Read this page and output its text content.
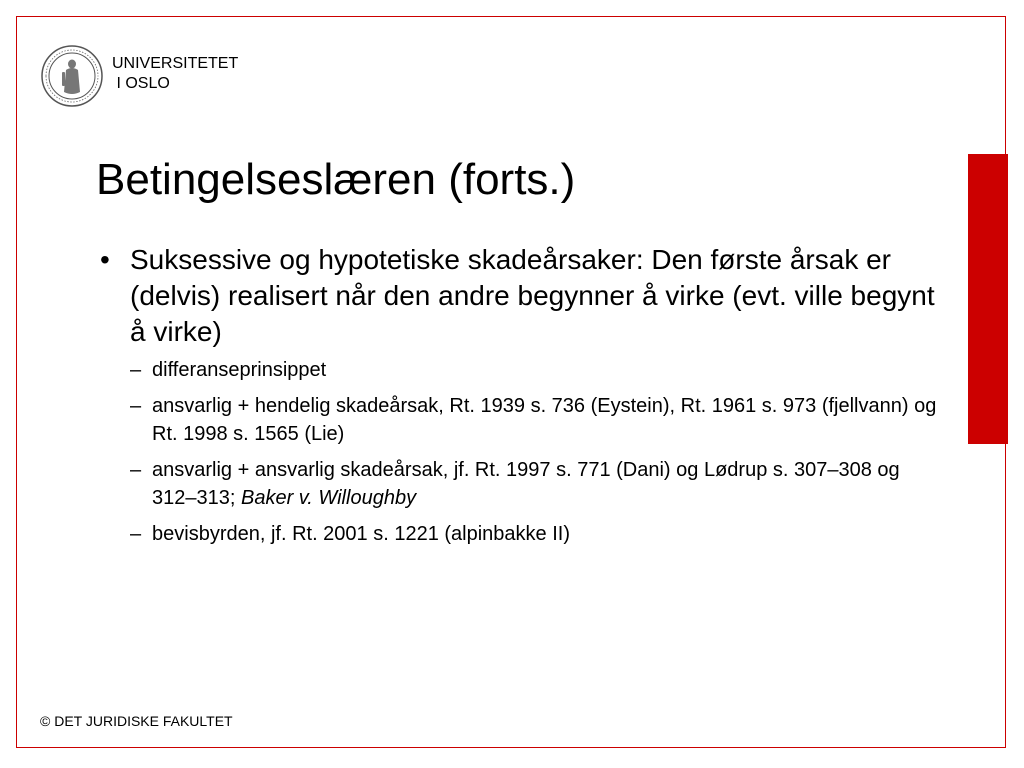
UNIVERSITETET
I OSLO
Betingelseslæren (forts.)
• Suksessive og hypotetiske skadeårsaker: Den første årsak er (delvis) realisert når den andre begynner å virke (evt. ville begynt å virke)
– differanseprinsippet
– ansvarlig + hendelig skadeårsak, Rt. 1939 s. 736 (Eystein), Rt. 1961 s. 973 (fjellvann) og Rt. 1998 s. 1565 (Lie)
– ansvarlig + ansvarlig skadeårsak, jf. Rt. 1997 s. 771 (Dani) og Lødrup s. 307–308 og 312–313; Baker v. Willoughby
– bevisbyrden, jf. Rt. 2001 s. 1221 (alpinbakke II)
© DET JURIDISKE FAKULTET
